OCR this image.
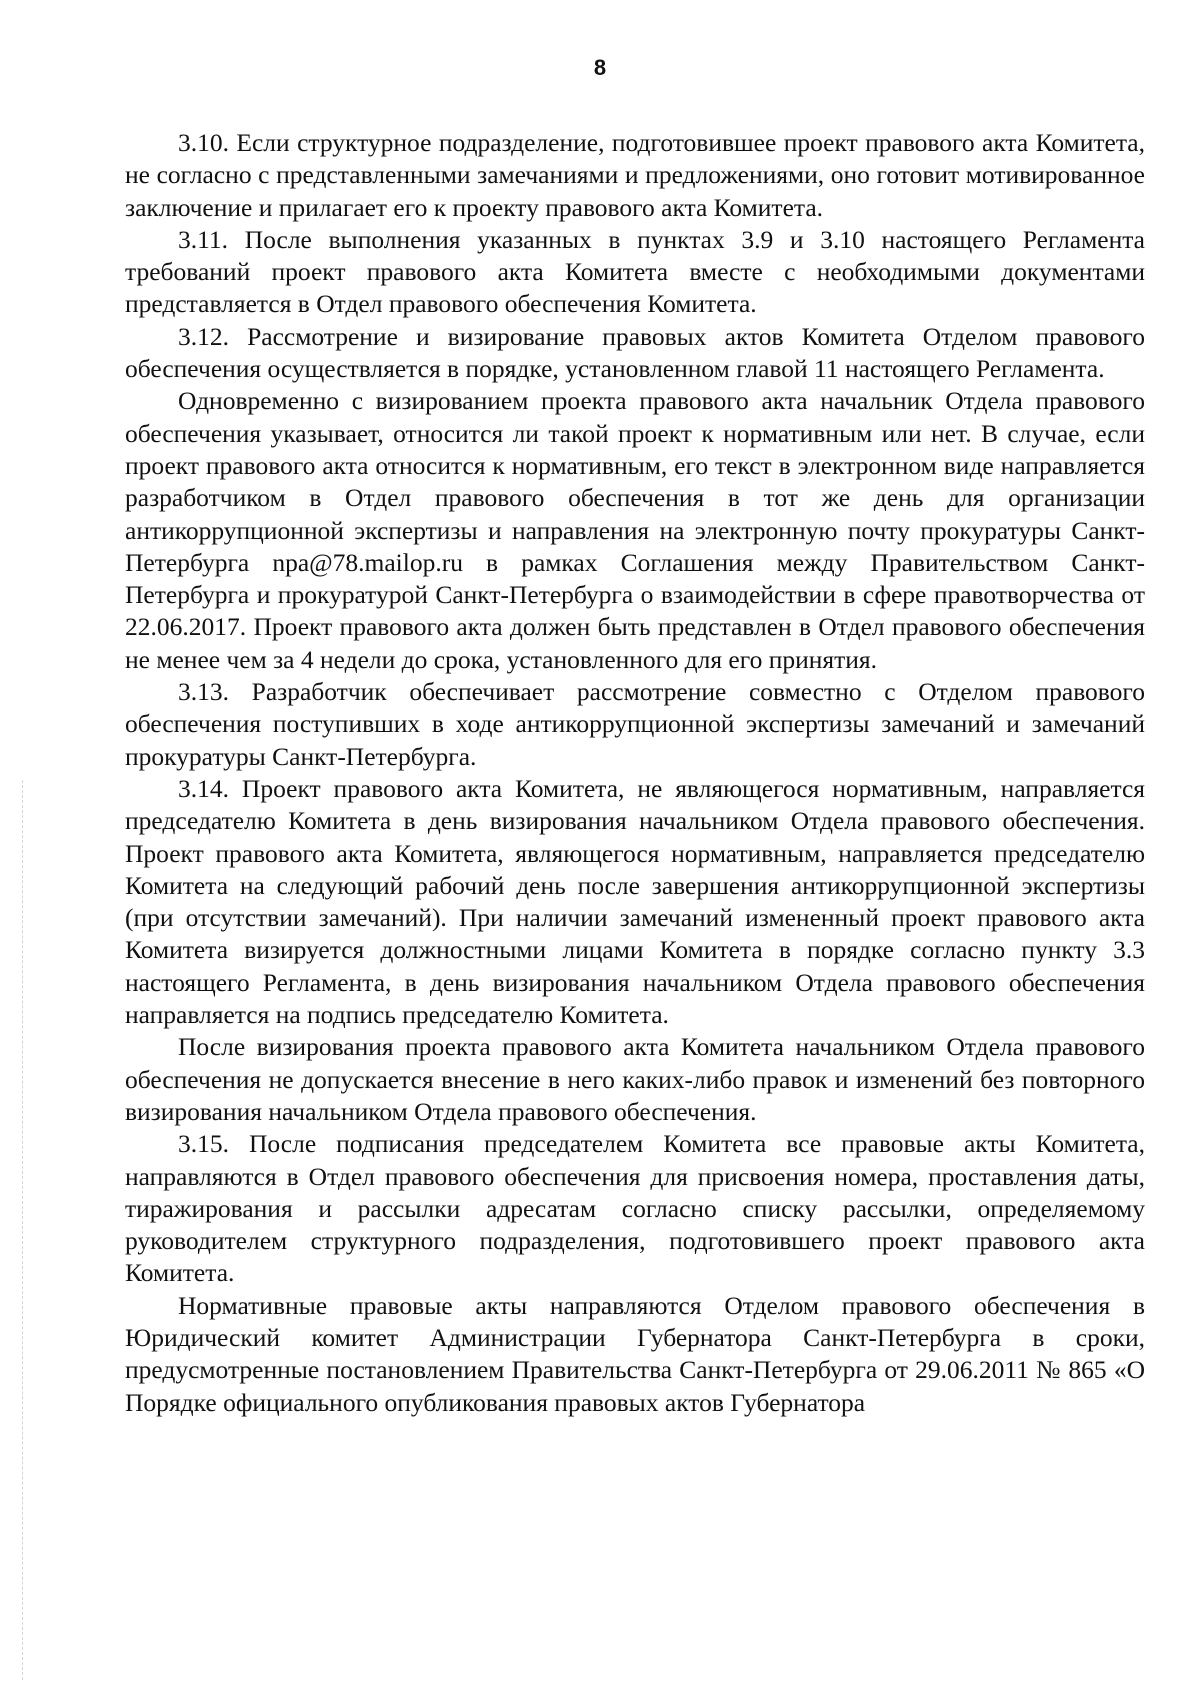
8

3.10. Если структурное подразделение, подготовившее проект правового акта Комитета, не согласно с представленными замечаниями и предложениями, оно готовит мотивированное заключение и прилагает его к проекту правового акта Комитета.

3.11. После выполнения указанных в пунктах 3.9 и 3.10 настоящего Регламента требований проект правового акта Комитета вместе с необходимыми документами представляется в Отдел правового обеспечения Комитета.

3.12. Рассмотрение и визирование правовых актов Комитета Отделом правового обеспечения осуществляется в порядке, установленном главой 11 настоящего Регламента.

Одновременно с визированием проекта правового акта начальник Отдела правового обеспечения указывает, относится ли такой проект к нормативным или нет. В случае, если проект правового акта относится к нормативным, его текст в электронном виде направляется разработчиком в Отдел правового обеспечения в тот же день для организации антикоррупционной экспертизы и направления на электронную почту прокуратуры Санкт-Петербурга npa@78.mailop.ru в рамках Соглашения между Правительством Санкт-Петербурга и прокуратурой Санкт-Петербурга о взаимодействии в сфере правотворчества от 22.06.2017. Проект правового акта должен быть представлен в Отдел правового обеспечения не менее чем за 4 недели до срока, установленного для его принятия.

3.13. Разработчик обеспечивает рассмотрение совместно с Отделом правового обеспечения поступивших в ходе антикоррупционной экспертизы замечаний и замечаний прокуратуры Санкт-Петербурга.

3.14. Проект правового акта Комитета, не являющегося нормативным, направляется председателю Комитета в день визирования начальником Отдела правового обеспечения. Проект правового акта Комитета, являющегося нормативным, направляется председателю Комитета на следующий рабочий день после завершения антикоррупционной экспертизы (при отсутствии замечаний). При наличии замечаний измененный проект правового акта Комитета визируется должностными лицами Комитета в порядке согласно пункту 3.3 настоящего Регламента, в день визирования начальником Отдела правового обеспечения направляется на подпись председателю Комитета.

После визирования проекта правового акта Комитета начальником Отдела правового обеспечения не допускается внесение в него каких-либо правок и изменений без повторного визирования начальником Отдела правового обеспечения.

3.15. После подписания председателем Комитета все правовые акты Комитета, направляются в Отдел правового обеспечения для присвоения номера, проставления даты, тиражирования и рассылки адресатам согласно списку рассылки, определяемому руководителем структурного подразделения, подготовившего проект правового акта Комитета.

Нормативные правовые акты направляются Отделом правового обеспечения в Юридический комитет Администрации Губернатора Санкт-Петербурга в сроки, предусмотренные постановлением Правительства Санкт-Петербурга от 29.06.2011 № 865 «О Порядке официального опубликования правовых актов Губернатора
